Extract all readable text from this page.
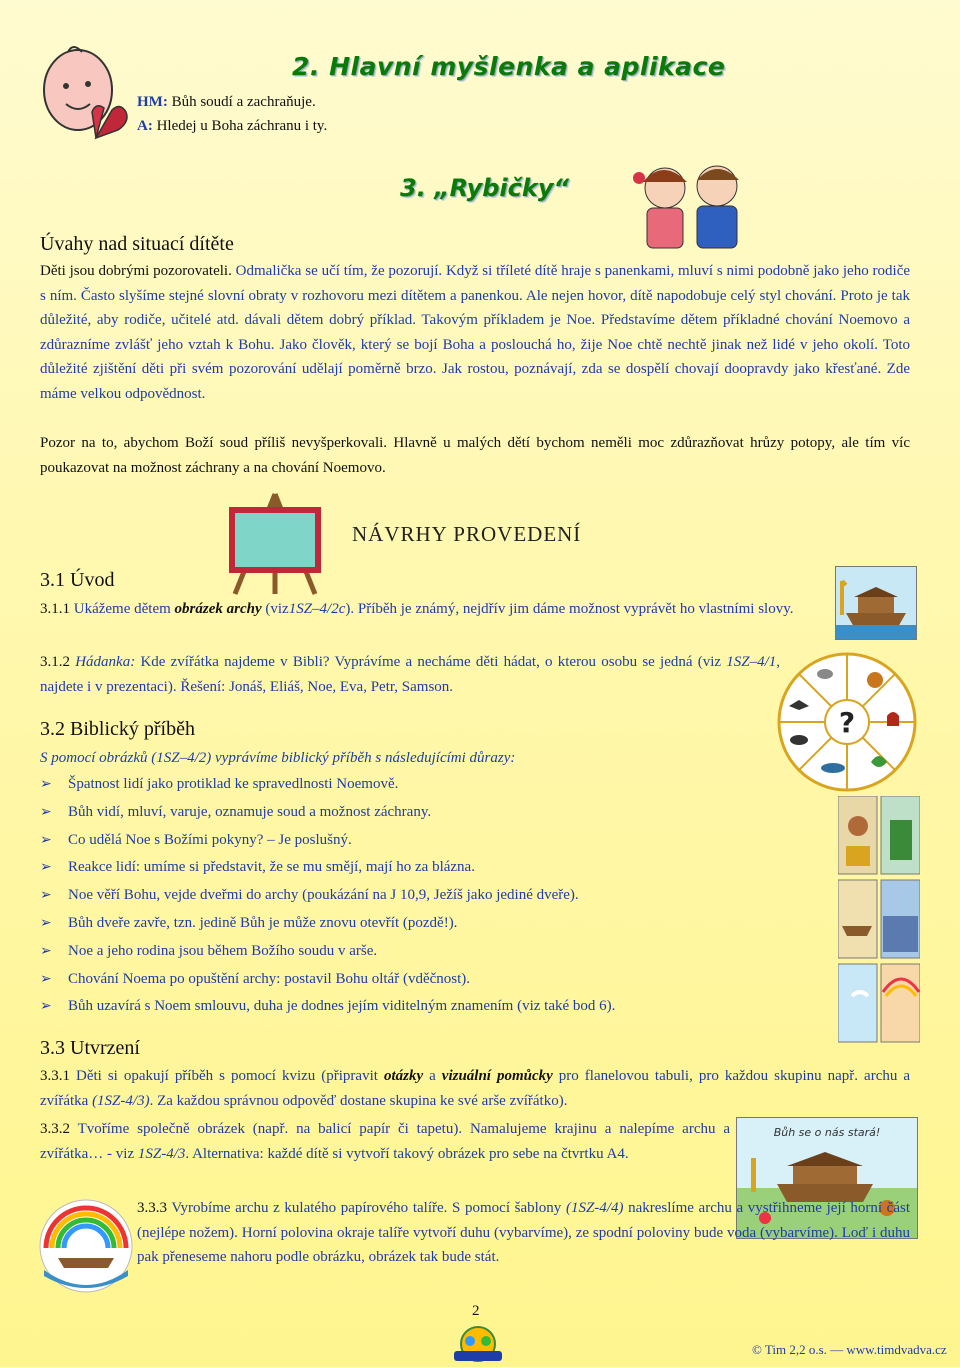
HM: Bůh soudí a zachraňuje.
A: Hledej u Boha záchranu i ty.
2. Hlavní myšlenka a aplikace
3. „Rybičky“
Úvahy nad situací dítěte
Děti jsou dobrými pozorovateli. Odmalička se učí tím, že pozorují. Když si tříleté dítě hraje s panenkami, mluví s nimi podobně jako jeho rodiče s ním. Často slyšíme stejné slovní obraty v rozhovoru mezi dítětem a panenkou. Ale nejen hovor, dítě napodobuje celý styl chování. Proto je tak důležité, aby rodiče, učitelé atd. dávali dětem dobrý příklad. Takovým příkladem je Noe. Představíme dětem příkladné chování Noemovo a zdůrazníme zvlášť jeho vztah k Bohu. Jako člověk, který se bojí Boha a poslouchá ho, žije Noe chtě nechtě jinak než lidé v jeho okolí. Toto důležité zjištění děti při svém pozorování udělají poměrně brzo. Jak rostou, poznávají, zda se dospělí chovají doopravdy jako křesťané. Zde máme velkou odpovědnost.
Pozor na to, abychom Boží soud příliš nevyšperkovali. Hlavně u malých dětí bychom neměli moc zdůrazňovat hrůzy potopy, ale tím víc poukazovat na možnost záchrany a na chování Noemovo.
NÁVRHY PROVEDENÍ
3.1 Úvod
3.1.1 Ukážeme dětem obrázek archy (viz1SZ–4/2c). Příběh je známý, nejdřív jim dáme možnost vyprávět ho vlastními slovy.
3.1.2 Hádanka: Kde zvířátka najdeme v Bibli? Vyprávíme a necháme děti hádat, o kterou osobu se jedná (viz 1SZ–4/1, najdete i v prezentaci). Řešení: Jonáš, Eliáš, Noe, Eva, Petr, Samson.
?
3.2 Biblický příběh
S pomocí obrázků (1SZ–4/2) vyprávíme biblický příběh s následujícími důrazy:
➢ Špatnost lidí jako protiklad ke spravedlnosti Noemově.
➢ Bůh vidí, mluví, varuje, oznamuje soud a možnost záchrany.
➢ Co udělá Noe s Božími pokyny? – Je poslušný.
➢ Reakce lidí: umíme si představit, že se mu smějí, mají ho za blázna.
➢ Noe věří Bohu, vejde dveřmi do archy (poukázání na J 10,9, Ježíš jako jediné dveře).
➢ Bůh dveře zavře, tzn. jedině Bůh je může znovu otevřít (pozdě!).
➢ Noe a jeho rodina jsou během Božího soudu v arše.
➢ Chování Noema po opuštění archy: postavil Bohu oltář (vděčnost).
➢ Bůh uzavírá s Noem smlouvu, duha je dodnes jejím viditelným znamením (viz také bod 6).
3.3 Utvrzení
3.3.1 Děti si opakují příběh s pomocí kvizu (připravit otázky a vizuální pomůcky pro flanelovou tabuli, pro každou skupinu např. archu a zvířátka (1SZ-4/3). Za každou správnou odpověď dostane skupina ke své arše zvířátko).
3.3.2 Tvoříme společně obrázek (např. na balicí papír či tapetu). Namalujeme krajinu a nalepíme archu a zvířátka… - viz 1SZ-4/3. Alternativa: každé dítě si vytvoří takový obrázek pro sebe na čtvrtku A4.
Bůh se o nás stará!
3.3.3 Vyrobíme archu z kulatého papírového talíře. S pomocí šablony (1SZ-4/4) nakreslíme archu a vystřihneme její horní část (nejlépe nožem). Horní polovina okraje talíře vytvoří duhu (vybarvíme), ze spodní poloviny bude voda (vybarvíme). Loď i duhu pak přeneseme nahoru podle obrázku, obrázek tak bude stát.
2
© Tim 2,2 o.s. — www.timdvadva.cz
